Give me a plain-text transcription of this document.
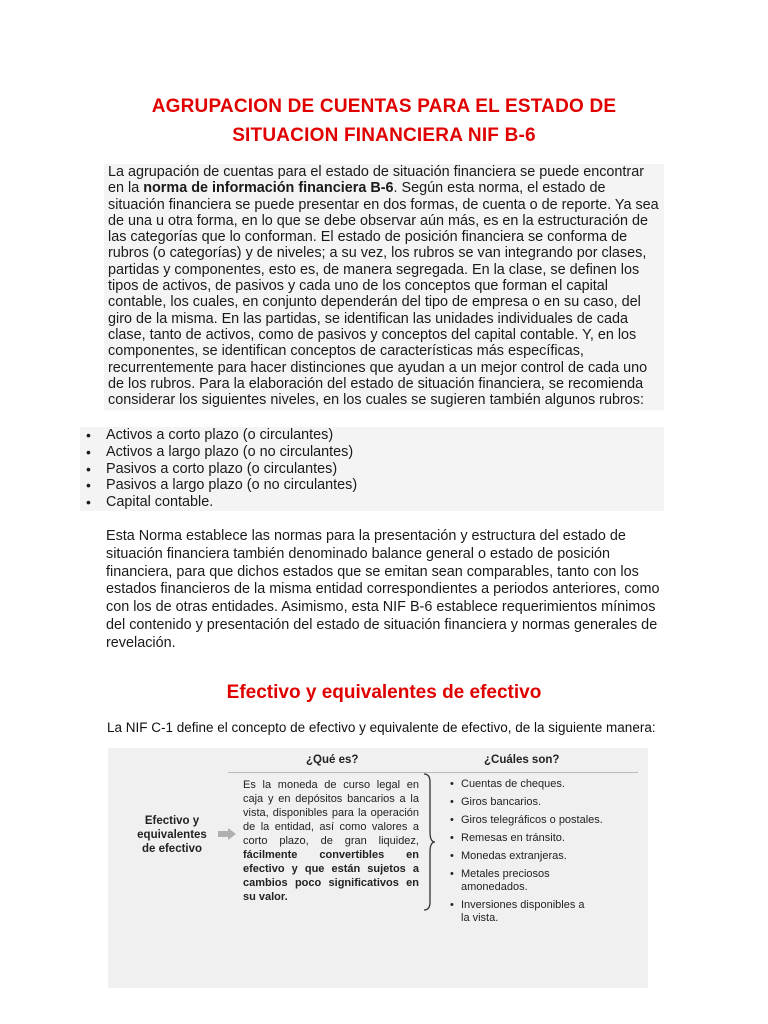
AGRUPACION DE CUENTAS PARA EL ESTADO DE
SITUACION FINANCIERA NIF B-6

La agrupación de cuentas para el estado de situación financiera se puede encontrar en la norma de información financiera B-6. Según esta norma, el estado de situación financiera se puede presentar en dos formas, de cuenta o de reporte. Ya sea de una u otra forma, en lo que se debe observar aún más, es en la estructuración de las categorías que lo conforman. El estado de posición financiera se conforma de rubros (o categorías) y de niveles; a su vez, los rubros se van integrando por clases, partidas y componentes, esto es, de manera segregada. En la clase, se definen los tipos de activos, de pasivos y cada uno de los conceptos que forman el capital contable, los cuales, en conjunto dependerán del tipo de empresa o en su caso, del giro de la misma. En las partidas, se identifican las unidades individuales de cada clase, tanto de activos, como de pasivos y conceptos del capital contable. Y, en los componentes, se identifican conceptos de características más específicas, recurrentemente para hacer distinciones que ayudan a un mejor control de cada uno de los rubros. Para la elaboración del estado de situación financiera, se recomienda considerar los siguientes niveles, en los cuales se sugieren también algunos rubros:

• Activos a corto plazo (o circulantes)
• Activos a largo plazo (o no circulantes)
• Pasivos a corto plazo (o circulantes)
• Pasivos a largo plazo (o no circulantes)
• Capital contable.
Esta Norma establece las normas para la presentación y estructura del estado de situación financiera también denominado balance general o estado de posición financiera, para que dichos estados que se emitan sean comparables, tanto con los estados financieros de la misma entidad correspondientes a periodos anteriores, como con los de otras entidades. Asimismo, esta NIF B-6 establece requerimientos mínimos del contenido y presentación del estado de situación financiera y normas generales de revelación.
Efectivo y equivalentes de efectivo
La NIF C-1 define el concepto de efectivo y equivalente de efectivo, de la siguiente manera:
¿Qué es?	¿Cuáles son?
Efectivo y equivalentes de efectivo
Es la moneda de curso legal en caja y en depósitos bancarios a la vista, disponibles para la operación de la entidad, así como valores a corto plazo, de gran liquidez, fácilmente convertibles en efectivo y que están sujetos a cambios poco significativos en su valor.
• Cuentas de cheques.
• Giros bancarios.
• Giros telegráficos o postales.
• Remesas en tránsito.
• Monedas extranjeras.
• Metales preciosos amonedados.
• Inversiones disponibles a la vista.
